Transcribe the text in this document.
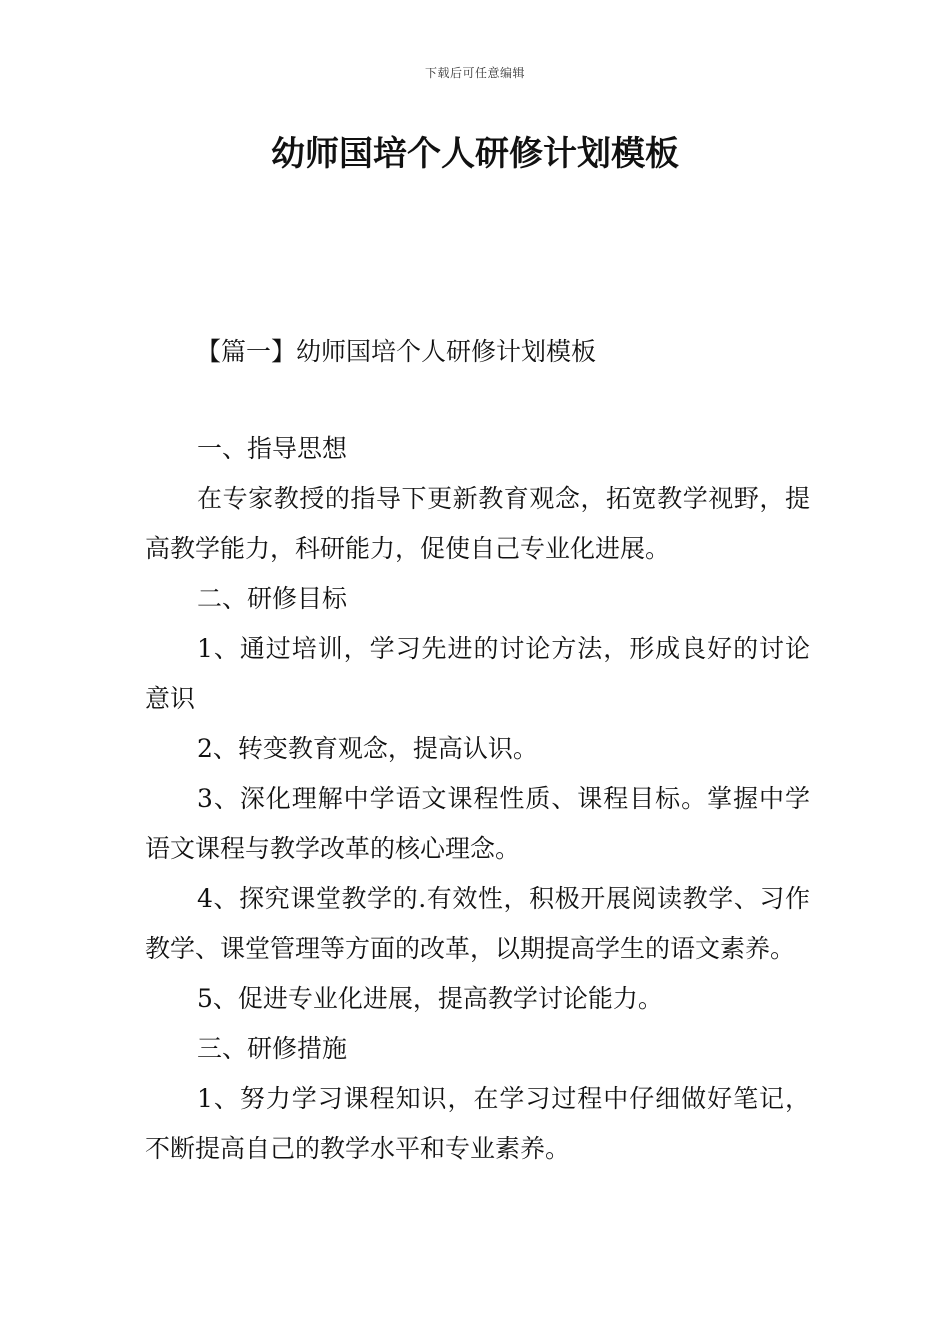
下载后可任意编辑
幼师国培个人研修计划模板
【篇一】幼师国培个人研修计划模板

一、指导思想

在专家教授的指导下更新教育观念，拓宽教学视野，提高教学能力，科研能力，促使自己专业化进展。

二、研修目标

1、通过培训，学习先进的讨论方法，形成良好的讨论意识

2、转变教育观念，提高认识。

3、深化理解中学语文课程性质、课程目标。掌握中学语文课程与教学改革的核心理念。

4、探究课堂教学的.有效性，积极开展阅读教学、习作教学、课堂管理等方面的改革，以期提高学生的语文素养。

5、促进专业化进展，提高教学讨论能力。

三、研修措施

1、努力学习课程知识，在学习过程中仔细做好笔记，不断提高自己的教学水平和专业素养。
